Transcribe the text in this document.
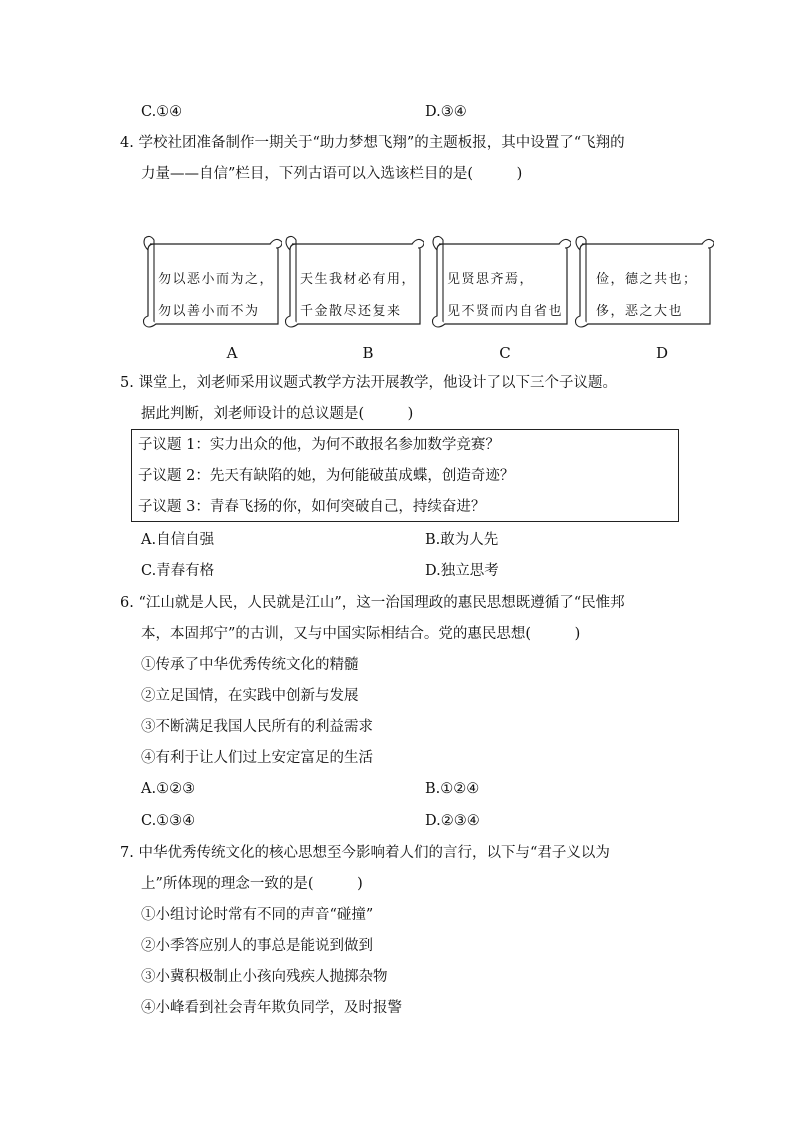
C.①④	D.③④
4. 学校社团准备制作一期关于“助力梦想飞翔”的主题板报，其中设置了“飞翔的
力量——自信”栏目，下列古语可以入选该栏目的是(　　　)
勿以恶小而为之，
勿以善小而不为
天生我材必有用，
千金散尽还复来
见贤思齐焉，
见不贤而内自省也
俭，德之共也；
侈，恶之大也
A	B	C	D
5. 课堂上，刘老师采用议题式教学方法开展教学，他设计了以下三个子议题。
据此判断，刘老师设计的总议题是(　　　)
子议题 1：实力出众的他，为何不敢报名参加数学竞赛？
子议题 2：先天有缺陷的她，为何能破茧成蝶，创造奇迹？
子议题 3：青春飞扬的你，如何突破自己，持续奋进？
A.自信自强	B.敢为人先
C.青春有格	D.独立思考
6. “江山就是人民，人民就是江山”，这一治国理政的惠民思想既遵循了“民惟邦
本，本固邦宁”的古训，又与中国实际相结合。党的惠民思想(　　　)
①传承了中华优秀传统文化的精髓
②立足国情，在实践中创新与发展
③不断满足我国人民所有的利益需求
④有利于让人们过上安定富足的生活
A.①②③	B.①②④
C.①③④	D.②③④
7. 中华优秀传统文化的核心思想至今影响着人们的言行，以下与“君子义以为
上”所体现的理念一致的是(　　　)
①小组讨论时常有不同的声音“碰撞”
②小季答应别人的事总是能说到做到
③小冀积极制止小孩向残疾人抛掷杂物
④小峰看到社会青年欺负同学，及时报警
